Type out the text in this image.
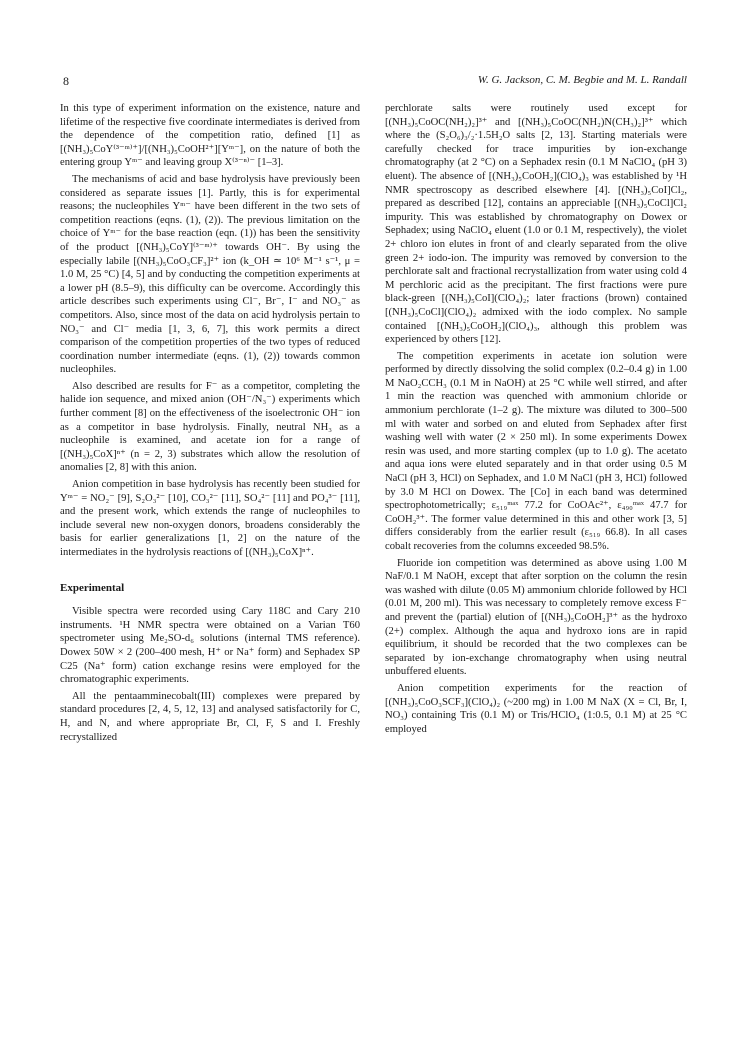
8	W. G. Jackson, C. M. Begbie and M. L. Randall

In this type of experiment information on the existence, nature and lifetime of the respective five coordinate intermediates is derived from the dependence of the competition ratio, defined [1] as [(NH₃)₅CoY⁽³⁻ᵐ⁾⁺]/[(NH₃)₅CoOH²⁺][Yᵐ⁻], on the nature of both the entering group Yᵐ⁻ and leaving group X⁽³⁻ⁿ⁾⁻ [1–3].

The mechanisms of acid and base hydrolysis have previously been considered as separate issues [1]. Partly, this is for experimental reasons; the nucleophiles Yᵐ⁻ have been different in the two sets of competition reactions (eqns. (1), (2)). The previous limitation on the choice of Yᵐ⁻ for the base reaction (eqn. (1)) has been the sensitivity of the product [(NH₃)₅CoY]⁽³⁻ᵐ⁾⁺ towards OH⁻. By using the especially labile [(NH₃)₅CoO₃CF₃]²⁺ ion (k_OH ≃ 10⁶ M⁻¹ s⁻¹, μ = 1.0 M, 25 °C) [4, 5] and by conducting the competition experiments at a lower pH (8.5–9), this difficulty can be overcome. Accordingly this article describes such experiments using Cl⁻, Br⁻, I⁻ and NO₃⁻ as competitors. Also, since most of the data on acid hydrolysis pertain to NO₃⁻ and Cl⁻ media [1, 3, 6, 7], this work permits a direct comparison of the competition properties of the two types of reduced coordination number intermediate (eqns. (1), (2)) towards common nucleophiles.

Also described are results for F⁻ as a competitor, completing the halide ion sequence, and mixed anion (OH⁻/N₃⁻) experiments which further comment [8] on the effectiveness of the isoelectronic OH⁻ ion as a competitor in base hydrolysis. Finally, neutral NH₃ as a nucleophile is examined, and acetate ion for a range of [(NH₃)₅CoX]ⁿ⁺ (n = 2, 3) substrates which allow the resolution of anomalies [2, 8] with this anion.

Anion competition in base hydrolysis has recently been studied for Yᵐ⁻ = NO₂⁻ [9], S₂O₃²⁻ [10], CO₃²⁻ [11], SO₄²⁻ [11] and PO₄³⁻ [11], and the present work, which extends the range of nucleophiles to include several new non-oxygen donors, broadens considerably the basis for earlier generalizations [1, 2] on the nature of the intermediates in the hydrolysis reactions of [(NH₃)₅CoX]ⁿ⁺.

Experimental

Visible spectra were recorded using Cary 118C and Cary 210 instruments. ¹H NMR spectra were obtained on a Varian T60 spectrometer using Me₂SO-d₆ solutions (internal TMS reference). Dowex 50W × 2 (200–400 mesh, H⁺ or Na⁺ form) and Sephadex SP C25 (Na⁺ form) cation exchange resins were employed for the chromatographic experiments.

All the pentaamminecobalt(III) complexes were prepared by standard procedures [2, 4, 5, 12, 13] and analysed satisfactorily for C, H, and N, and where appropriate Br, Cl, F, S and I. Freshly recrystallized

perchlorate salts were routinely used except for [(NH₃)₅CoOC(NH₂)₂]³⁺ and [(NH₃)₅CoOC(NH₂)N(CH₃)₂]³⁺ which where the (S₂O₆)₃/₂·1.5H₂O salts [2, 13]. Starting materials were carefully checked for trace impurities by ion-exchange chromatography (at 2 °C) on a Sephadex resin (0.1 M NaClO₄ (pH 3) eluent). The absence of [(NH₃)₅CoOH₂](ClO₄)₃ was established by ¹H NMR spectroscopy as described elsewhere [4]. [(NH₃)₅CoI]Cl₂, prepared as described [12], contains an appreciable [(NH₃)₅CoCl]Cl₂ impurity. This was established by chromatography on Dowex or Sephadex; using NaClO₄ eluent (1.0 or 0.1 M, respectively), the violet 2+ chloro ion elutes in front of and clearly separated from the olive green 2+ iodo-ion. The impurity was removed by conversion to the perchlorate salt and fractional recrystallization from water using cold 4 M perchloric acid as the precipitant. The first fractions were pure black-green [(NH₃)₅CoI](ClO₄)₂; later fractions (brown) contained [(NH₃)₅CoCl](ClO₄)₂ admixed with the iodo complex. No sample contained [(NH₃)₅CoOH₂](ClO₄)₃, although this problem was experienced by others [12].

The competition experiments in acetate ion solution were performed by directly dissolving the solid complex (0.2–0.4 g) in 1.00 M NaO₂CCH₃ (0.1 M in NaOH) at 25 °C while well stirred, and after 1 min the reaction was quenched with ammonium chloride or ammonium perchlorate (1–2 g). The mixture was diluted to 300–500 ml with water and sorbed on and eluted from Sephadex after first washing well with water (2 × 250 ml). In some experiments Dowex resin was used, and more starting complex (up to 1.0 g). The acetato and aqua ions were eluted separately and in that order using 0.5 M NaCl (pH 3, HCl) on Sephadex, and 1.0 M NaCl (pH 3, HCl) followed by 3.0 M HCl on Dowex. The [Co] in each band was determined spectrophotometrically; ε₅₁₉ᵐᵃˣ 77.2 for CoOAc²⁺, ε₄₉₀ᵐᵃˣ 47.7 for CoOH₂³⁺. The former value determined in this and other work [3, 5] differs considerably from the earlier result (ε₅₁₉ 66.8). In all cases cobalt recoveries from the columns exceeded 98.5%.

Fluoride ion competition was determined as above using 1.00 M NaF/0.1 M NaOH, except that after sorption on the column the resin was washed with dilute (0.05 M) ammonium chloride followed by HCl (0.01 M, 200 ml). This was necessary to completely remove excess F⁻ and prevent the (partial) elution of [(NH₃)₅CoOH₂]³⁺ as the hydroxo (2+) complex. Although the aqua and hydroxo ions are in rapid equilibrium, it should be recorded that the two complexes can be separated by ion-exchange chromatography when using neutral unbuffered eluents.

Anion competition experiments for the reaction of [(NH₃)₅CoO₃SCF₃](ClO₄)₂ (~200 mg) in 1.00 M NaX (X = Cl, Br, I, NO₃) containing Tris (0.1 M) or Tris/HClO₄ (1:0.5, 0.1 M) at 25 °C employed
